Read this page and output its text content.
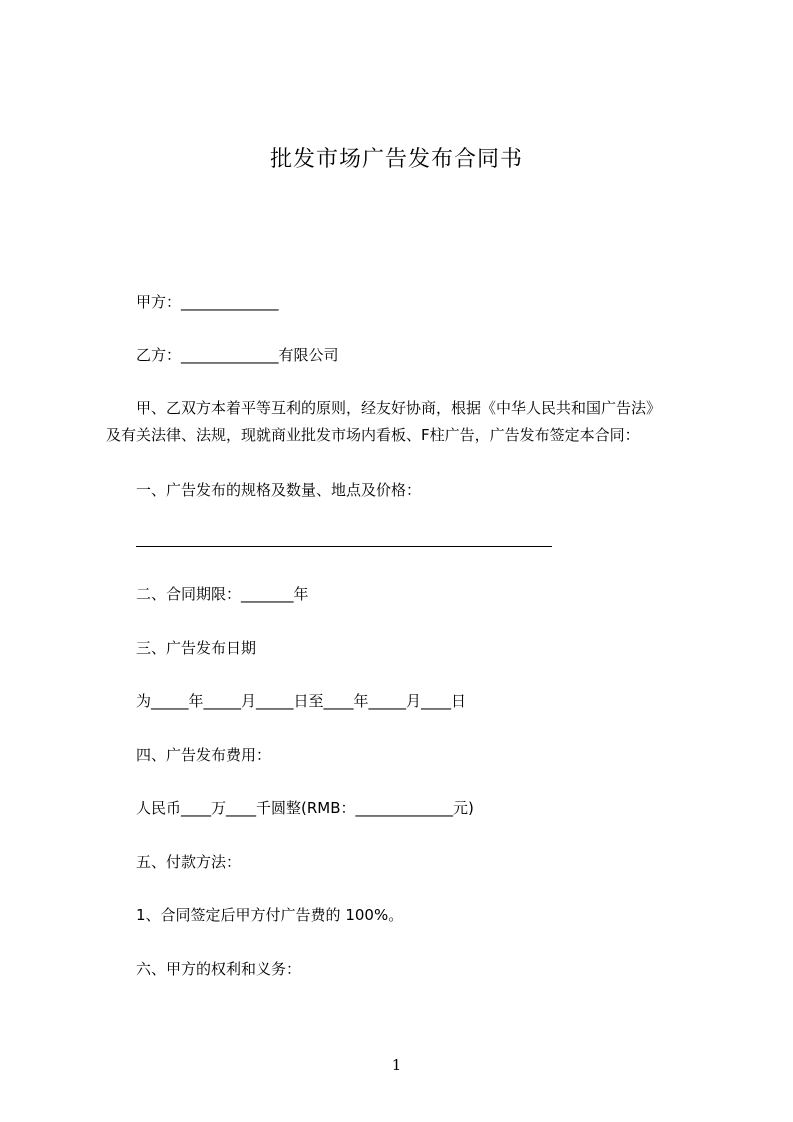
批发市场广告发布合同书
甲方：_____________
乙方：_____________有限公司
甲、乙双方本着平等互利的原则，经友好协商，根据《中华人民共和国广告法》
及有关法律、法规，现就商业批发市场内看板、F柱广告，广告发布签定本合同：
一、广告发布的规格及数量、地点及价格：
二、合同期限：_______年
三、广告发布日期
为_____年_____月_____日至____年_____月____日
四、广告发布费用：
人民币____万____千圆整(RMB：_____________元)
五、付款方法：
1、合同签定后甲方付广告费的 100%。
六、甲方的权利和义务：
1
